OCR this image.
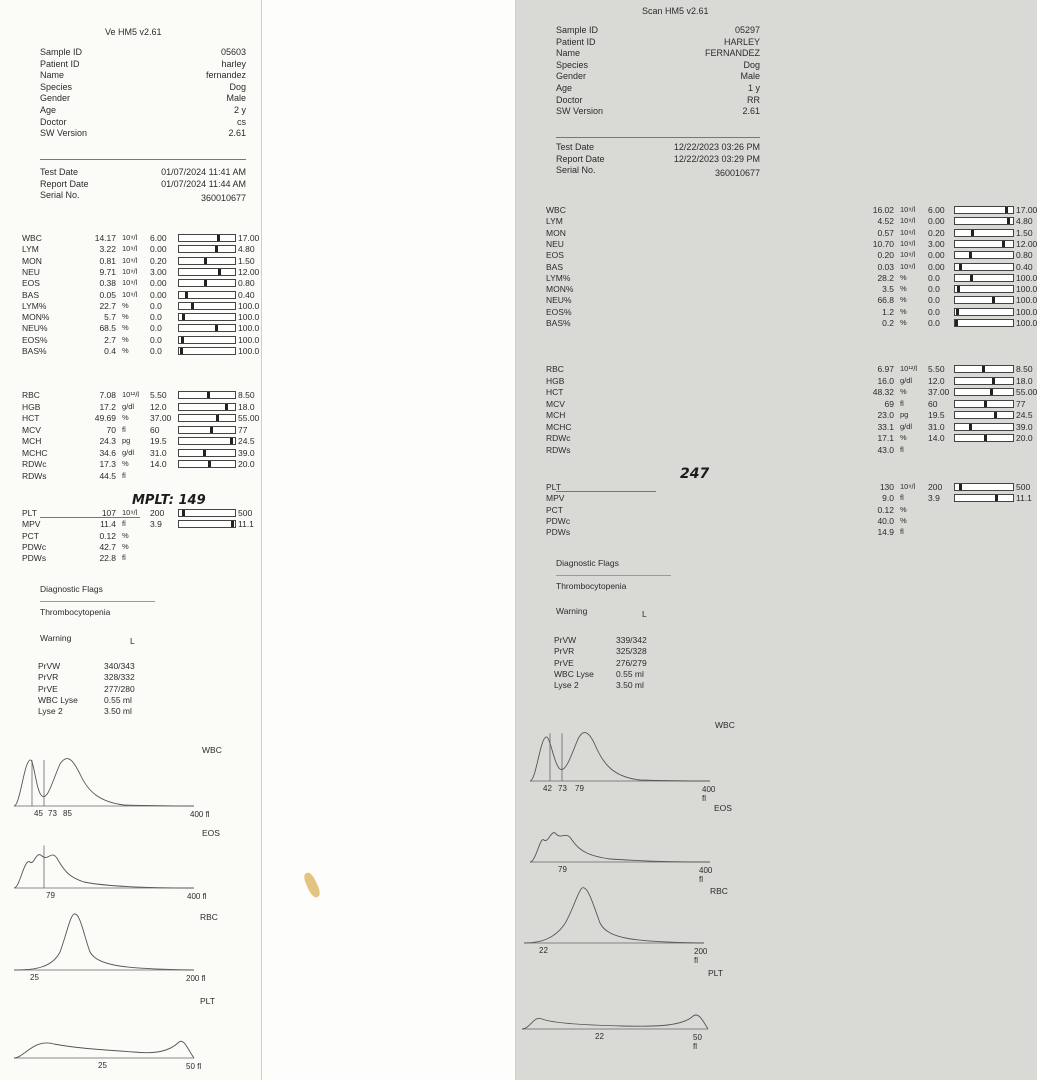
Ve HM5 v2.61
Sample ID	05603
Patient ID	harley
Name	fernandez
Species	Dog
Gender	Male
Age	2 y
Doctor	cs
SW Version	2.61
Test Date	01/07/2024 11:41 AM
Report Date	01/07/2024 11:44 AM
Serial No.	360010677
WBC	14.17 10⁹/l 6.00	17.00
LYM	3.22 10⁹/l 0.00	4.80
MON	0.81 10⁹/l 0.20	1.50
NEU	9.71 10⁹/l 3.00	12.00
EOS	0.38 10⁹/l 0.00	0.80
BAS	0.05 10⁹/l 0.00	0.40
LYM%	22.7 %	0.0	100.0
MON%	5.7 %	0.0	100.0
NEU%	68.5 %	0.0	100.0
EOS%	2.7 %	0.0	100.0
BAS%	0.4 %	0.0	100.0
RBC	7.08 10¹²/l 5.50	8.50
HGB	17.2 g/dl 12.0	18.0
HCT	49.69 %	37.00	55.00
MCV	70 fl	60	77
MCH	24.3 pg 19.5	24.5
MCHC	34.6 g/dl 31.0	39.0
RDWc	17.3 %	14.0	20.0
RDWs	44.5 fl
PLT	107 10⁹/l 200	500
MPV	11.4 fl	3.9	11.1
PCT	0.12 %
PDWc	42.7 %
PDWs	22.8 fl
MPLT: 149
Diagnostic Flags
Thrombocytopenia
Warning	L
PrVW	340/343
PrVR	328/332
PrVE	277/280
WBC Lyse	0.55 ml
Lyse 2	3.50 ml
WBC
45 73 85	400 fl
EOS
79	400 fl
RBC
25	200 fl
PLT
25	50 fl
Scan HM5 v2.61
Sample ID	05297
Patient ID	HARLEY
Name	FERNANDEZ
Species	Dog
Gender	Male
Age	1 y
Doctor	RR
SW Version	2.61
Test Date	12/22/2023 03:26 PM
Report Date	12/22/2023 03:29 PM
Serial No.	360010677
WBC	16.02 10⁹/l 6.00	17.00
LYM	4.52 10⁹/l 0.00	4.80
MON	0.57 10⁹/l 0.20	1.50
NEU	10.70 10⁹/l 3.00	12.00
EOS	0.20 10⁹/l 0.00	0.80
BAS	0.03 10⁹/l 0.00	0.40
LYM%	28.2 %	0.0	100.0
MON%	3.5 %	0.0	100.0
NEU%	66.8 %	0.0	100.0
EOS%	1.2 %	0.0	100.0
BAS%	0.2 %	0.0	100.0
RBC	6.97 10¹²/l 5.50	8.50
HGB	16.0 g/dl 12.0	18.0
HCT	48.32 %	37.00	55.00
MCV	69 fl	60	77
MCH	23.0 pg 19.5	24.5
MCHC	33.1 g/dl 31.0	39.0
RDWc	17.1 %	14.0	20.0
RDWs	43.0 fl
PLT	130 10⁹/l 200	500
MPV	9.0 fl	3.9	11.1
PCT	0.12 %
PDWc	40.0 %
PDWs	14.9 fl
247
Diagnostic Flags
Thrombocytopenia
Warning	L
PrVW	339/342
PrVR	325/328
PrVE	276/279
WBC Lyse	0.55 ml
Lyse 2	3.50 ml
WBC
42 73 79	400 fl
EOS
79	400 fl
RBC
22	200 fl
PLT
22	50 fl
